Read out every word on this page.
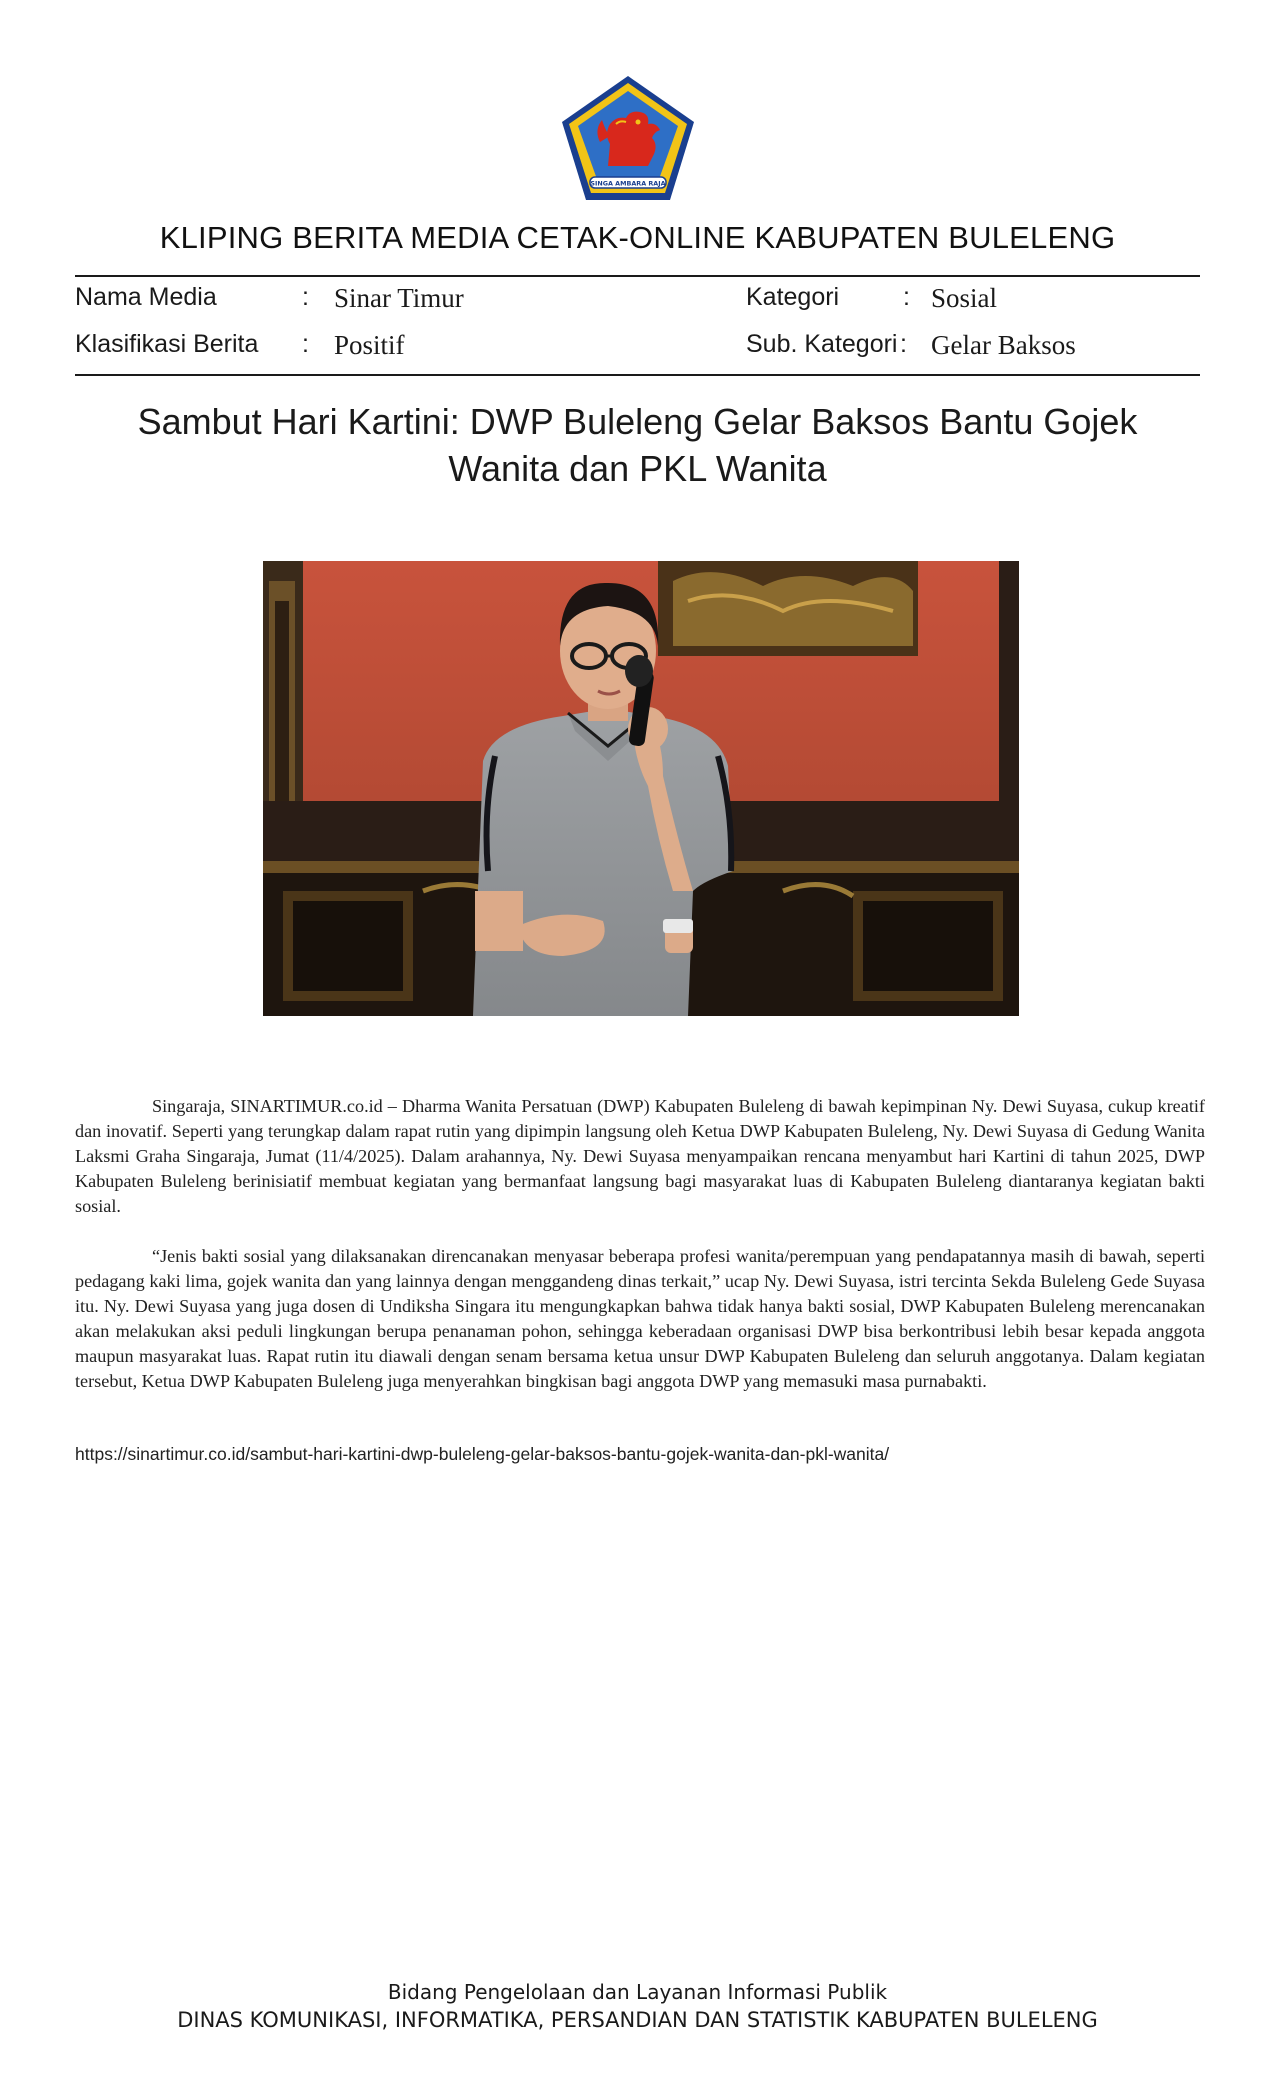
SINGA AMBARA RAJA
KLIPING BERITA MEDIA CETAK-ONLINE KABUPATEN BULELENG
Nama Media	: Sinar Timur	Kategori	: Sosial
Klasifikasi Berita : Positif	Sub. Kategori : Gelar Baksos
Sambut Hari Kartini: DWP Buleleng Gelar Baksos Bantu Gojek Wanita dan PKL Wanita

Singaraja, SINARTIMUR.co.id – Dharma Wanita Persatuan (DWP) Kabupaten Buleleng di bawah kepimpinan Ny. Dewi Suyasa, cukup kreatif dan inovatif. Seperti yang terungkap dalam rapat rutin yang dipimpin langsung oleh Ketua DWP Kabupaten Buleleng, Ny. Dewi Suyasa di Gedung Wanita Laksmi Graha Singaraja, Jumat (11/4/2025). Dalam arahannya, Ny. Dewi Suyasa menyampaikan rencana menyambut hari Kartini di tahun 2025, DWP Kabupaten Buleleng berinisiatif membuat kegiatan yang bermanfaat langsung bagi masyarakat luas di Kabupaten Buleleng diantaranya kegiatan bakti sosial.

“Jenis bakti sosial yang dilaksanakan direncanakan menyasar beberapa profesi wanita/perempuan yang pendapatannya masih di bawah, seperti pedagang kaki lima, gojek wanita dan yang lainnya dengan menggandeng dinas terkait,” ucap Ny. Dewi Suyasa, istri tercinta Sekda Buleleng Gede Suyasa itu. Ny. Dewi Suyasa yang juga dosen di Undiksha Singara itu mengungkapkan bahwa tidak hanya bakti sosial, DWP Kabupaten Buleleng merencanakan akan melakukan aksi peduli lingkungan berupa penanaman pohon, sehingga keberadaan organisasi DWP bisa berkontribusi lebih besar kepada anggota maupun masyarakat luas. Rapat rutin itu diawali dengan senam bersama ketua unsur DWP Kabupaten Buleleng dan seluruh anggotanya. Dalam kegiatan tersebut, Ketua DWP Kabupaten Buleleng juga menyerahkan bingkisan bagi anggota DWP yang memasuki masa purnabakti.

https://sinartimur.co.id/sambut-hari-kartini-dwp-buleleng-gelar-baksos-bantu-gojek-wanita-dan-pkl-wanita/
Bidang Pengelolaan dan Layanan Informasi Publik
DINAS KOMUNIKASI, INFORMATIKA, PERSANDIAN DAN STATISTIK KABUPATEN BULELENG
